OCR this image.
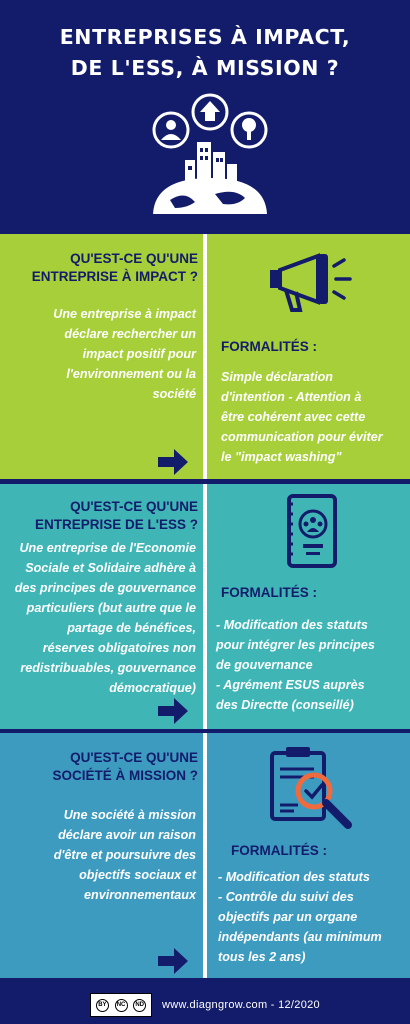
ENTREPRISES À IMPACT,
DE L'ESS, À MISSION ?
QU'EST-CE QU'UNE
ENTREPRISE À IMPACT ?
Une entreprise à impact
déclare rechercher un
impact positif pour
l'environnement ou la
société
FORMALITÉS :
Simple déclaration
d'intention - Attention à
être cohérent avec cette
communication pour éviter
le "impact washing"
QU'EST-CE QU'UNE
ENTREPRISE DE L'ESS ?
Une entreprise de l'Economie
Sociale et Solidaire adhère à
des principes de gouvernance
particuliers (but autre que le
partage de bénéfices,
réserves obligatoires non
redistribuables, gouvernance
démocratique)
FORMALITÉS :
- Modification des statuts
pour intégrer les principes
de gouvernance
- Agrément ESUS auprès
des Directte (conseillé)
QU'EST-CE QU'UNE
SOCIÉTÉ À MISSION ?
Une société à mission
déclare avoir un raison
d'être et poursuivre des
objectifs sociaux et
environnementaux
FORMALITÉS :
- Modification des statuts
- Contrôle du suivi des
objectifs par un organe
indépendants (au minimum
tous les 2 ans)
BY	NC	ND www.diagngrow.com - 12/2020
